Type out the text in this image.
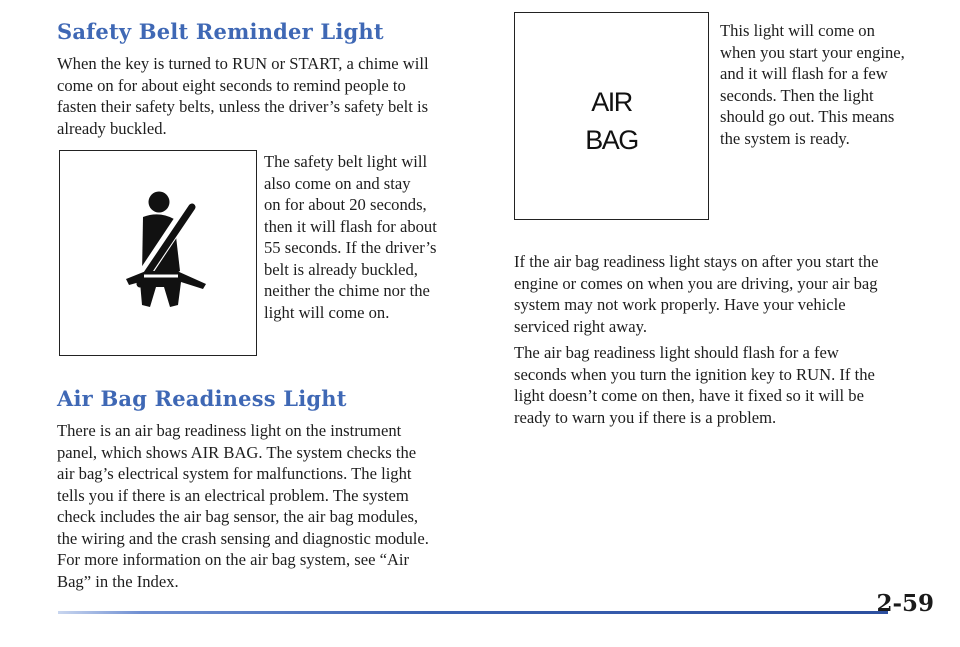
Safety Belt Reminder Light
When the key is turned to RUN or START, a chime will
come on for about eight seconds to remind people to
fasten their safety belts, unless the driver’s safety belt is
already buckled.
The safety belt light will
also come on and stay
on for about 20 seconds,
then it will flash for about
55 seconds. If the driver’s
belt is already buckled,
neither the chime nor the
light will come on.
Air Bag Readiness Light
There is an air bag readiness light on the instrument
panel, which shows AIR BAG. The system checks the
air bag’s electrical system for malfunctions. The light
tells you if there is an electrical problem. The system
check includes the air bag sensor, the air bag modules,
the wiring and the crash sensing and diagnostic module.
For more information on the air bag system, see “Air
Bag” in the Index.
AIR
BAG
This light will come on
when you start your engine,
and it will flash for a few
seconds. Then the light
should go out. This means
the system is ready.
If the air bag readiness light stays on after you start the
engine or comes on when you are driving, your air bag
system may not work properly. Have your vehicle
serviced right away.
The air bag readiness light should flash for a few
seconds when you turn the ignition key to RUN. If the
light doesn’t come on then, have it fixed so it will be
ready to warn you if there is a problem.

2-59
